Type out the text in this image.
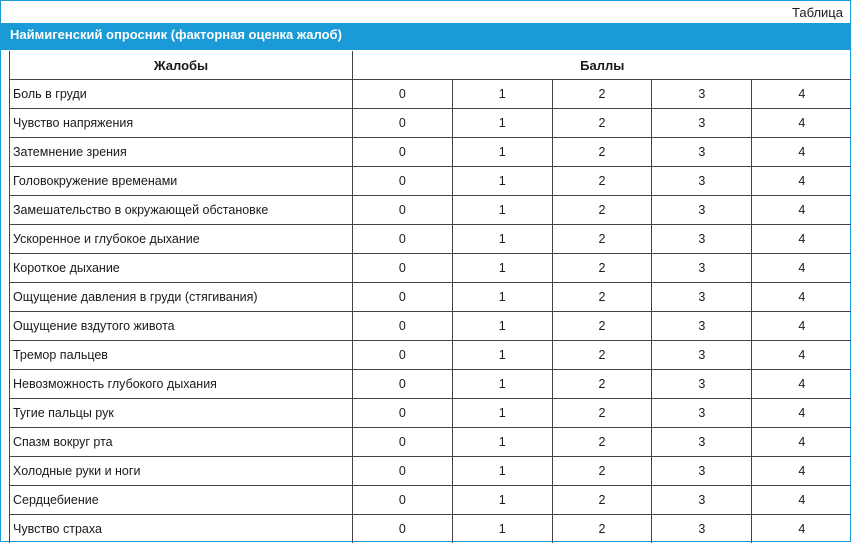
Таблица
Наймигенский опросник (факторная оценка жалоб)
Жалобы	Баллы				
Боль в груди	0	1	2	3	4
Чувство напряжения	0	1	2	3	4
Затемнение зрения	0	1	2	3	4
Головокружение временами	0	1	2	3	4
Замешательство в окружающей обстановке	0	1	2	3	4
Ускоренное и глубокое дыхание	0	1	2	3	4
Короткое дыхание	0	1	2	3	4
Ощущение давления в груди (стягивания)	0	1	2	3	4
Ощущение вздутого живота	0	1	2	3	4
Тремор пальцев	0	1	2	3	4
Невозможность глубокого дыхания	0	1	2	3	4
Тугие пальцы рук	0	1	2	3	4
Спазм вокруг рта	0	1	2	3	4
Холодные руки и ноги	0	1	2	3	4
Сердцебиение	0	1	2	3	4
Чувство страха	0	1	2	3	4
